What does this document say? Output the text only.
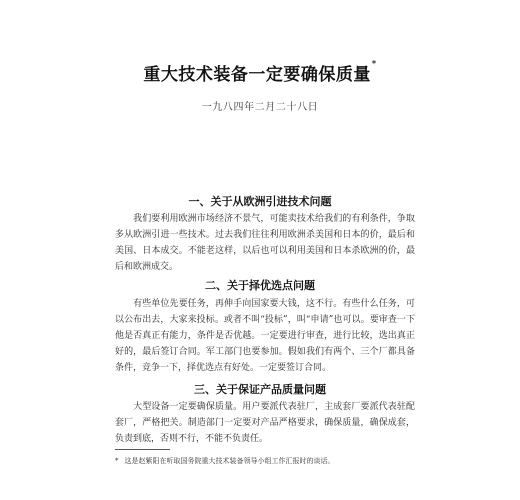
重大技术装备一定要确保质量*
一九八四年二月二十八日
一、关于从欧洲引进技术问题
我们要利用欧洲市场经济不景气，可能卖技术给我们的有利条件，争取多从欧洲引进一些技术。过去我们往往利用欧洲杀美国和日本的价，最后和美国、日本成交。不能老这样，以后也可以利用美国和日本杀欧洲的价，最后和欧洲成交。
二、关于择优选点问题
有些单位先要任务，再伸手向国家要大钱，这不行。有些什么任务，可以公布出去，大家来投标。或者不叫“投标”，叫“申请”也可以。要审查一下他是否真正有能力，条件是否优越。一定要进行审查，进行比较，选出真正好的，最后签订合同。军工部门也要参加。假如我们有两个、三个厂都具备条件，竞争一下，择优选点有好处。一定要签订合同。
三、关于保证产品质量问题
大型设备一定要确保质量。用户要派代表驻厂，主成套厂要派代表驻配套厂，严格把关。制造部门一定要对产品严格要求，确保质量，确保成套，负责到底，否则不行，不能不负责任。
* 这是赵紫阳在听取国务院重大技术装备领导小组工作汇报时的谈话。
